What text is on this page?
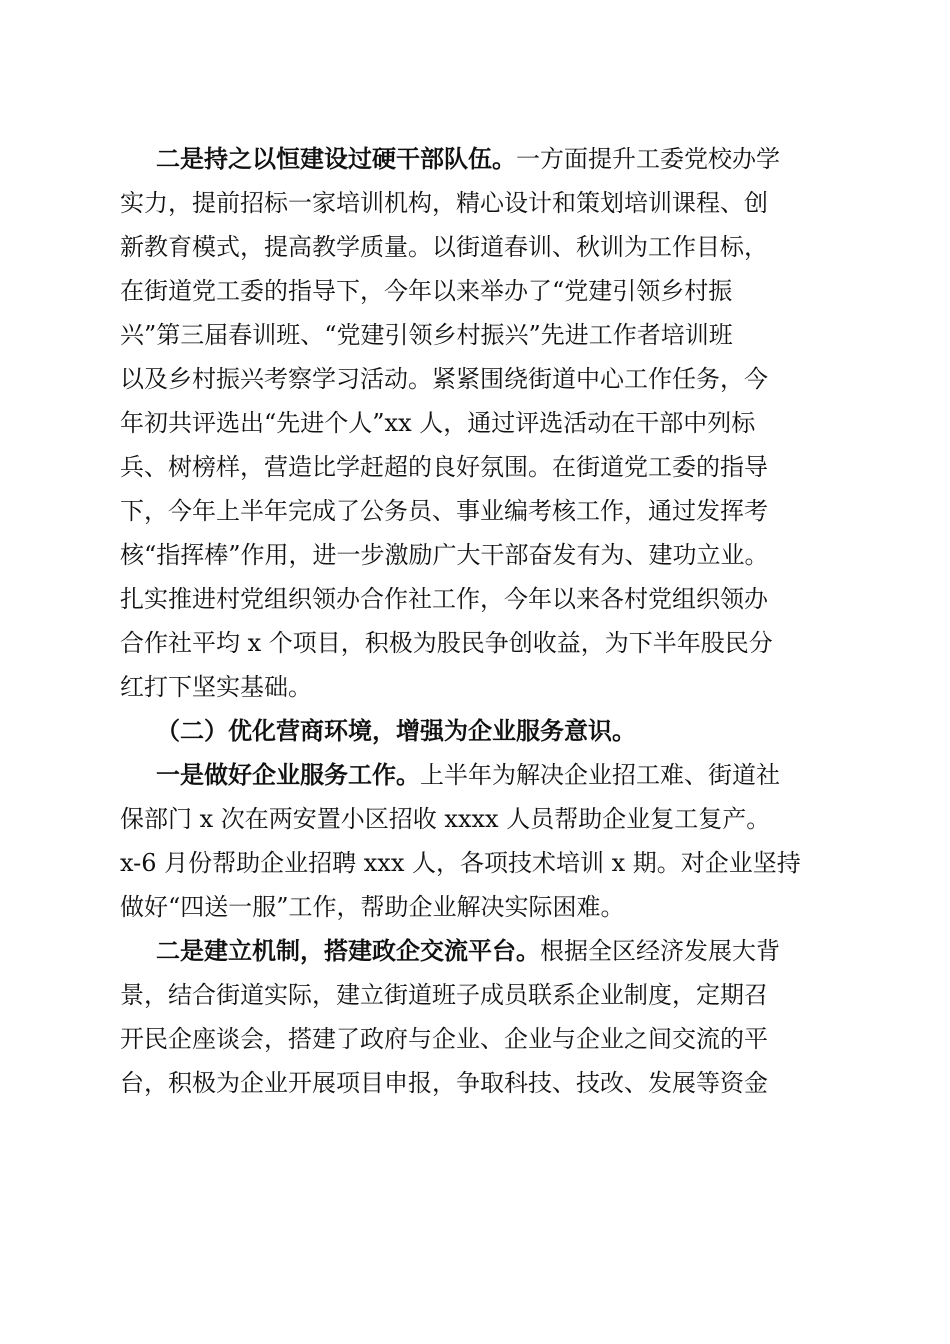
二是持之以恒建设过硬干部队伍。一方面提升工委党校办学
实力，提前招标一家培训机构，精心设计和策划培训课程、创
新教育模式，提高教学质量。以街道春训、秋训为工作目标，
在街道党工委的指导下，今年以来举办了“党建引领乡村振
兴”第三届春训班、“党建引领乡村振兴”先进工作者培训班
以及乡村振兴考察学习活动。紧紧围绕街道中心工作任务，今
年初共评选出“先进个人”xx 人，通过评选活动在干部中列标
兵、树榜样，营造比学赶超的良好氛围。在街道党工委的指导
下，今年上半年完成了公务员、事业编考核工作，通过发挥考
核“指挥棒”作用，进一步激励广大干部奋发有为、建功立业。
扎实推进村党组织领办合作社工作，今年以来各村党组织领办
合作社平均 x 个项目，积极为股民争创收益，为下半年股民分
红打下坚实基础。
（二）优化营商环境，增强为企业服务意识。
一是做好企业服务工作。上半年为解决企业招工难、街道社
保部门 x 次在两安置小区招收 xxxx 人员帮助企业复工复产。
x-6 月份帮助企业招聘 xxx 人，各项技术培训 x 期。对企业坚持
做好“四送一服”工作，帮助企业解决实际困难。
二是建立机制，搭建政企交流平台。根据全区经济发展大背
景，结合街道实际，建立街道班子成员联系企业制度，定期召
开民企座谈会，搭建了政府与企业、企业与企业之间交流的平
台，积极为企业开展项目申报，争取科技、技改、发展等资金
